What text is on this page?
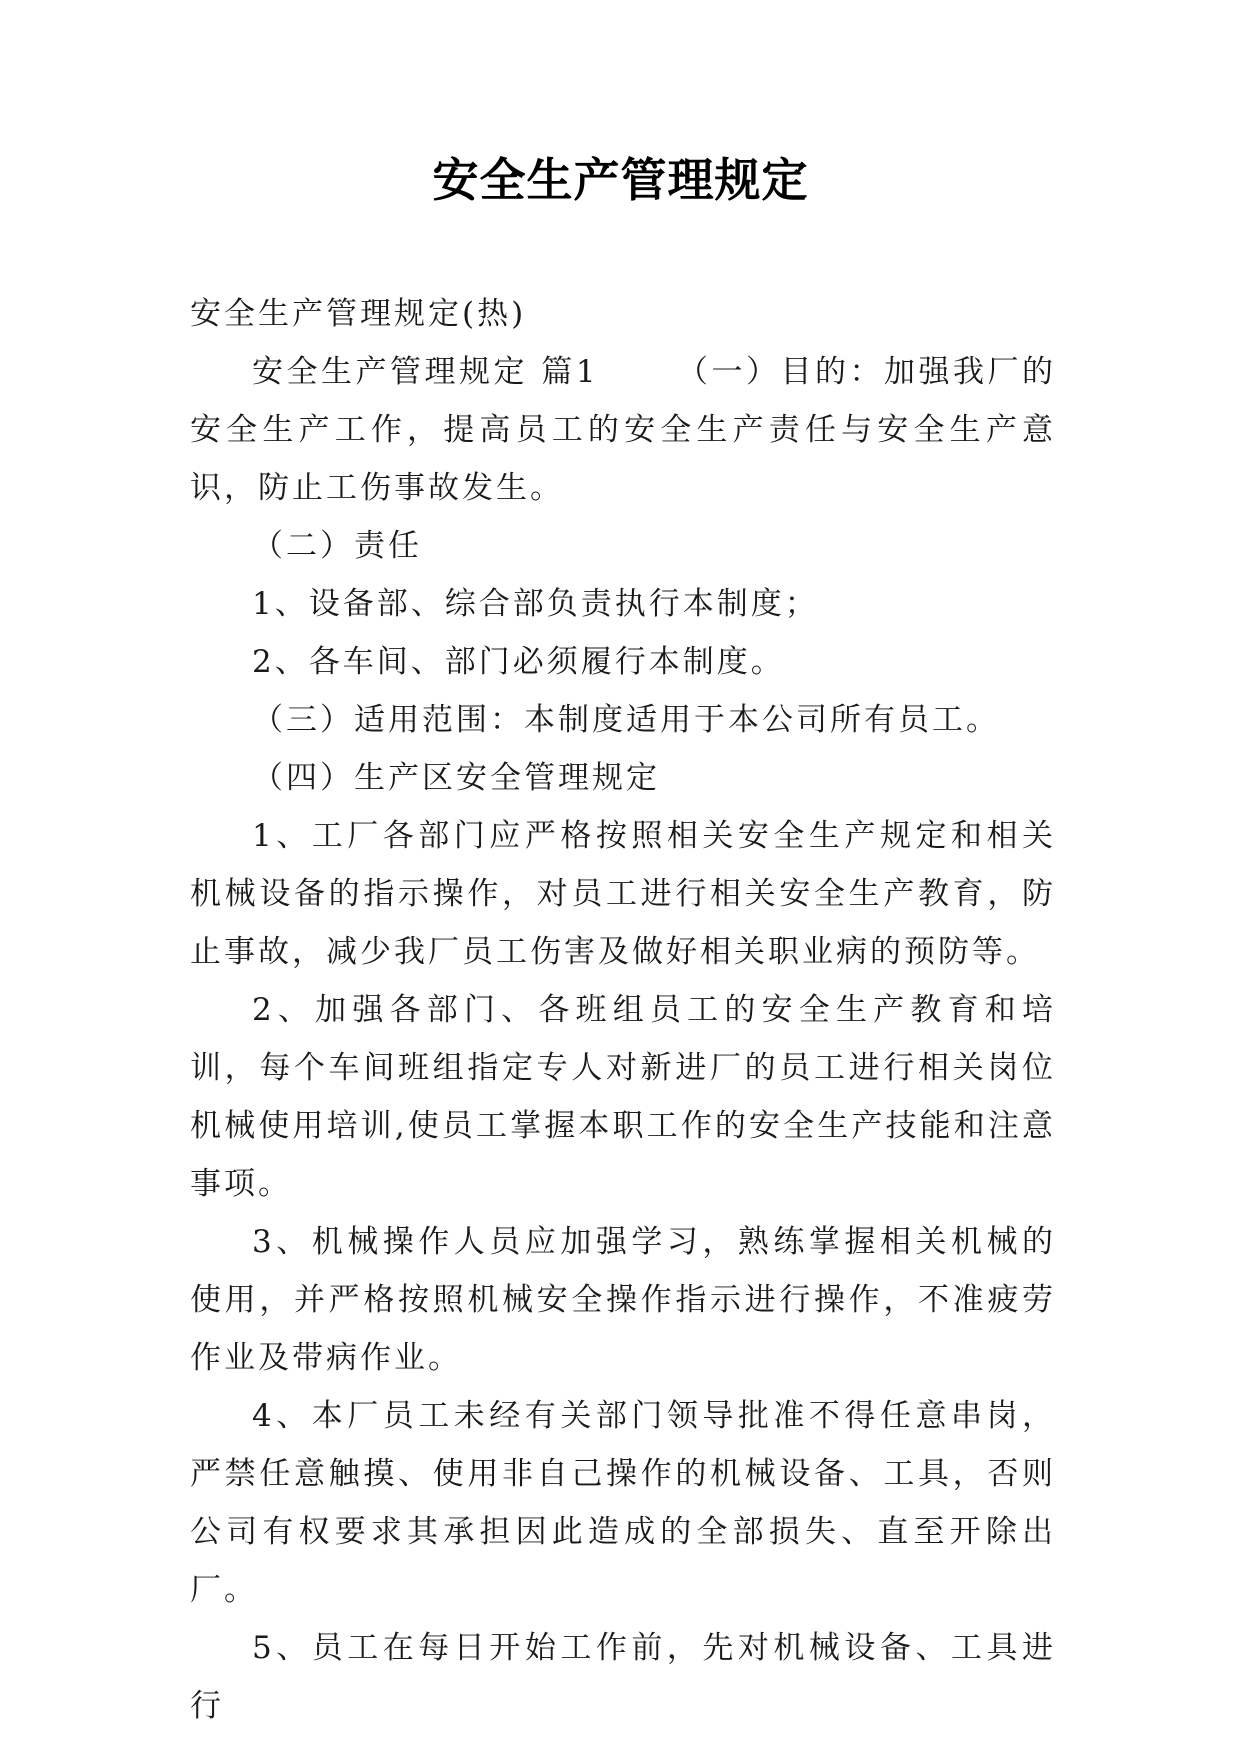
安全生产管理规定

安全生产管理规定(热)

安全生产管理规定 篇1	（一）目的：加强我厂的安全生产工作，提高员工的安全生产责任与安全生产意识，防止工伤事故发生。

（二）责任

1、设备部、综合部负责执行本制度；

2、各车间、部门必须履行本制度。

（三）适用范围：本制度适用于本公司所有员工。

（四）生产区安全管理规定

1、工厂各部门应严格按照相关安全生产规定和相关机械设备的指示操作，对员工进行相关安全生产教育，防止事故，减少我厂员工伤害及做好相关职业病的预防等。

2、加强各部门、各班组员工的安全生产教育和培训，每个车间班组指定专人对新进厂的员工进行相关岗位机械使用培训,使员工掌握本职工作的安全生产技能和注意事项。

3、机械操作人员应加强学习，熟练掌握相关机械的使用，并严格按照机械安全操作指示进行操作，不准疲劳作业及带病作业。

4、本厂员工未经有关部门领导批准不得任意串岗，严禁任意触摸、使用非自己操作的机械设备、工具，否则公司有权要求其承担因此造成的全部损失、直至开除出厂。

5、员工在每日开始工作前，先对机械设备、工具进行
